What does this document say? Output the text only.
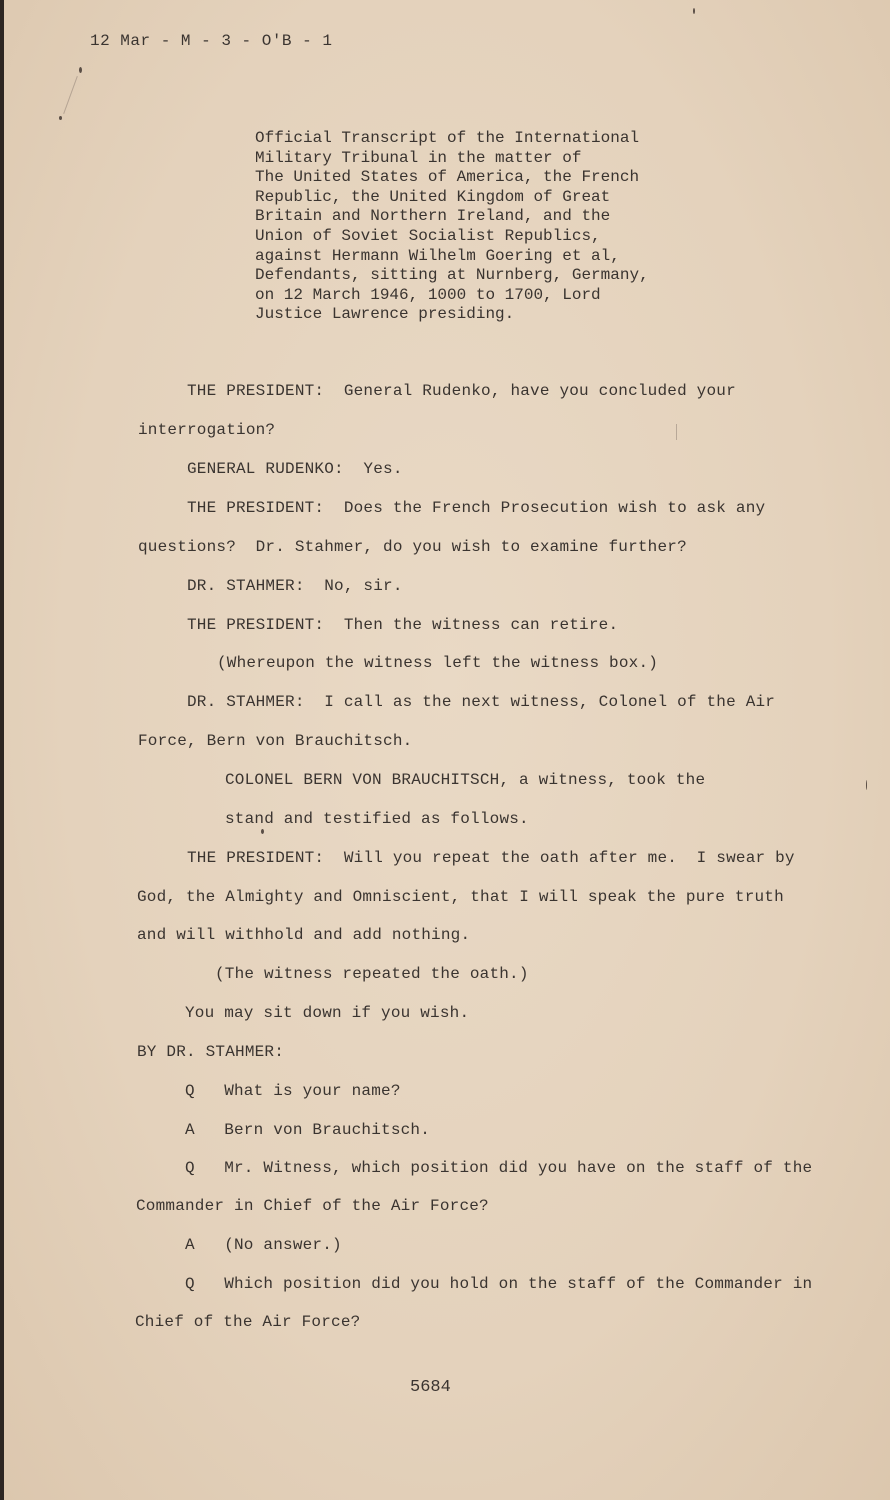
12 Mar - M - 3 - O'B - 1
Official Transcript of the International
Military Tribunal in the matter of
The United States of America, the French
Republic, the United Kingdom of Great
Britain and Northern Ireland, and the
Union of Soviet Socialist Republics,
against Hermann Wilhelm Goering et al,
Defendants, sitting at Nurnberg, Germany,
on 12 March 1946, 1000 to 1700, Lord
Justice Lawrence presiding.
THE PRESIDENT:  General Rudenko, have you concluded your
interrogation?
GENERAL RUDENKO:  Yes.
THE PRESIDENT:  Does the French Prosecution wish to ask any
questions?  Dr. Stahmer, do you wish to examine further?
DR. STAHMER:  No, sir.
THE PRESIDENT:  Then the witness can retire.
(Whereupon the witness left the witness box.)
DR. STAHMER:  I call as the next witness, Colonel of the Air
Force, Bern von Brauchitsch.
COLONEL BERN VON BRAUCHITSCH, a witness, took the
stand and testified as follows.
THE PRESIDENT:  Will you repeat the oath after me.  I swear by
God, the Almighty and Omniscient, that I will speak the pure truth
and will withhold and add nothing.
(The witness repeated the oath.)
You may sit down if you wish.
BY DR. STAHMER:
Q   What is your name?
A   Bern von Brauchitsch.
Q   Mr. Witness, which position did you have on the staff of the
Commander in Chief of the Air Force?
A   (No answer.)
Q   Which position did you hold on the staff of the Commander in
Chief of the Air Force?
5684
